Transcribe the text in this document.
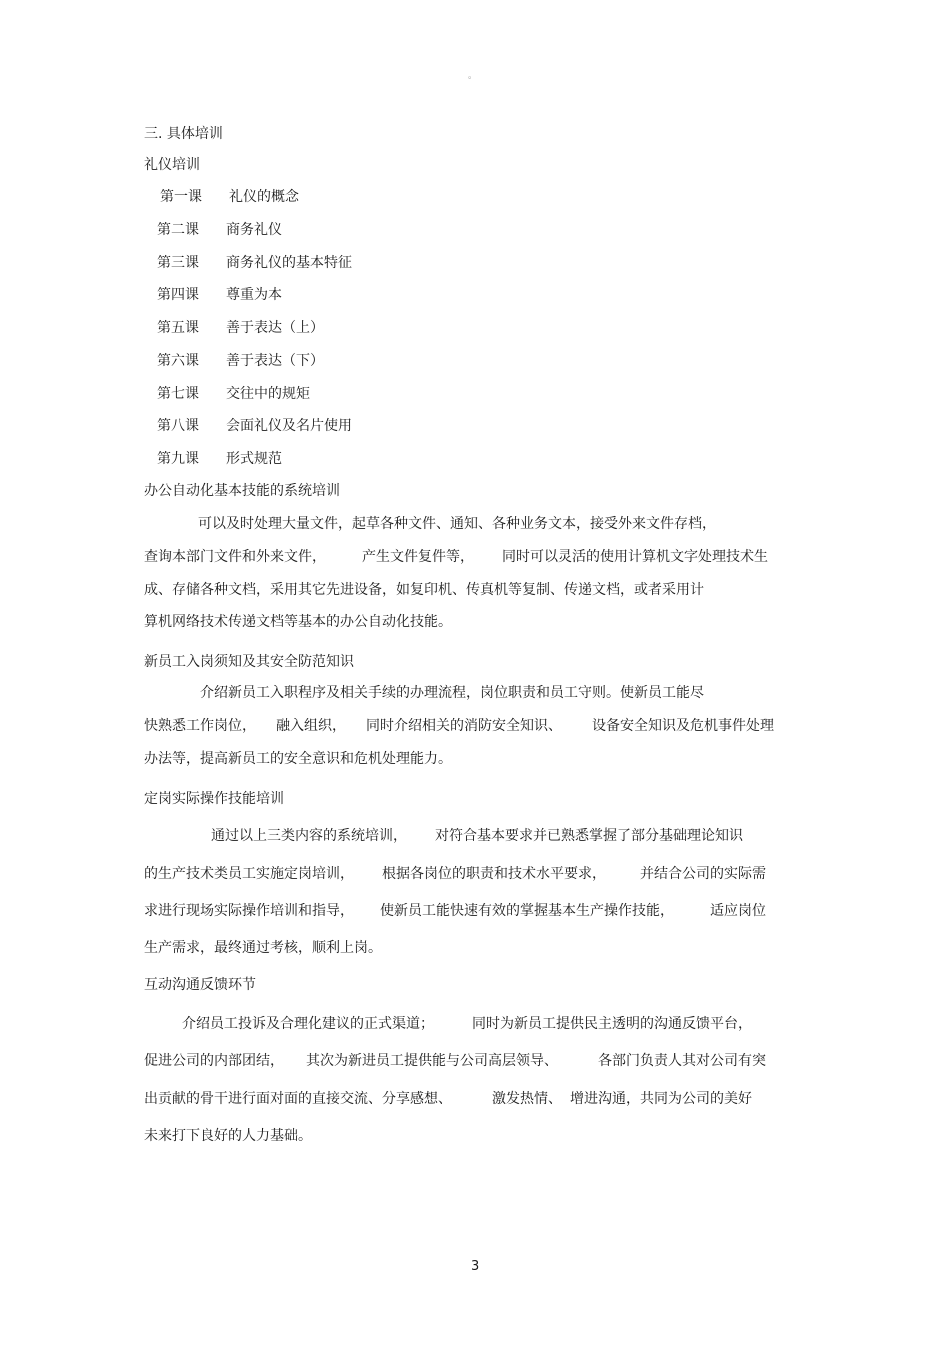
。
三. 具体培训
礼仪培训
第一课 礼仪的概念
第二课 商务礼仪
第三课 商务礼仪的基本特征
第四课 尊重为本
第五课 善于表达（上）
第六课 善于表达（下）
第七课 交往中的规矩
第八课 会面礼仪及名片使用
第九课 形式规范
办公自动化基本技能的系统培训
可以及时处理大量文件，起草各种文件、通知、各种业务文本，接受外来文件存档，
查询本部门文件和外来文件，	产生文件复件等， 同时可以灵活的使用计算机文字处理技术生
成、存储各种文档，采用其它先进设备，如复印机、传真机等复制、传递文档，或者采用计
算机网络技术传递文档等基本的办公自动化技能。
新员工入岗须知及其安全防范知识
介绍新员工入职程序及相关手续的办理流程，岗位职责和员工守则。使新员工能尽
快熟悉工作岗位， 融入组织， 同时介绍相关的消防安全知识、 设备安全知识及危机事件处理
办法等，提高新员工的安全意识和危机处理能力。
定岗实际操作技能培训
通过以上三类内容的系统培训， 对符合基本要求并已熟悉掌握了部分基础理论知识
的生产技术类员工实施定岗培训， 根据各岗位的职责和技术水平要求， 并结合公司的实际需
求进行现场实际操作培训和指导， 使新员工能快速有效的掌握基本生产操作技能，	适应岗位
生产需求，最终通过考核，顺利上岗。
互动沟通反馈环节
介绍员工投诉及合理化建议的正式渠道；	同时为新员工提供民主透明的沟通反馈平台，
促进公司的内部团结， 其次为新进员工提供能与公司高层领导、	各部门负责人其对公司有突
出贡献的骨干进行面对面的直接交流、分享感想、	激发热情、 增进沟通，共同为公司的美好
未来打下良好的人力基础。
3
